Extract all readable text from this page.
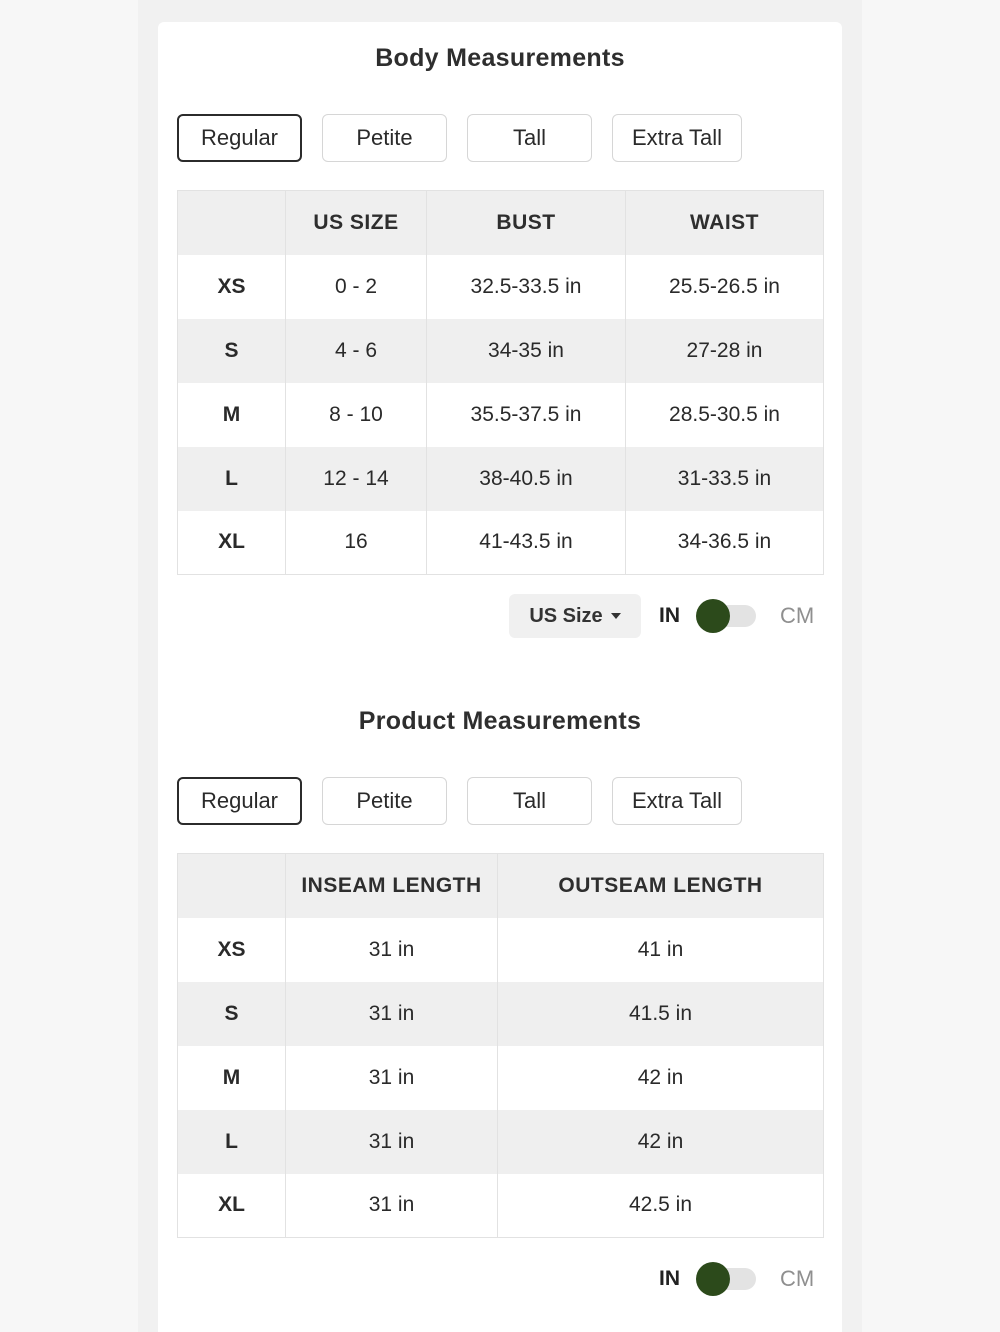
Body Measurements
Regular	Petite	Tall	Extra Tall
	US SIZE	BUST	WAIST
XS	0 - 2	32.5-33.5 in	25.5-26.5 in
S	4 - 6	34-35 in	27-28 in
M	8 - 10	35.5-37.5 in	28.5-30.5 in
L	12 - 14	38-40.5 in	31-33.5 in
XL	16	41-43.5 in	34-36.5 in
US Size	IN	CM
Product Measurements
Regular	Petite	Tall	Extra Tall
	INSEAM LENGTH	OUTSEAM LENGTH
XS	31 in	41 in
S	31 in	41.5 in
M	31 in	42 in
L	31 in	42 in
XL	31 in	42.5 in
IN	CM
